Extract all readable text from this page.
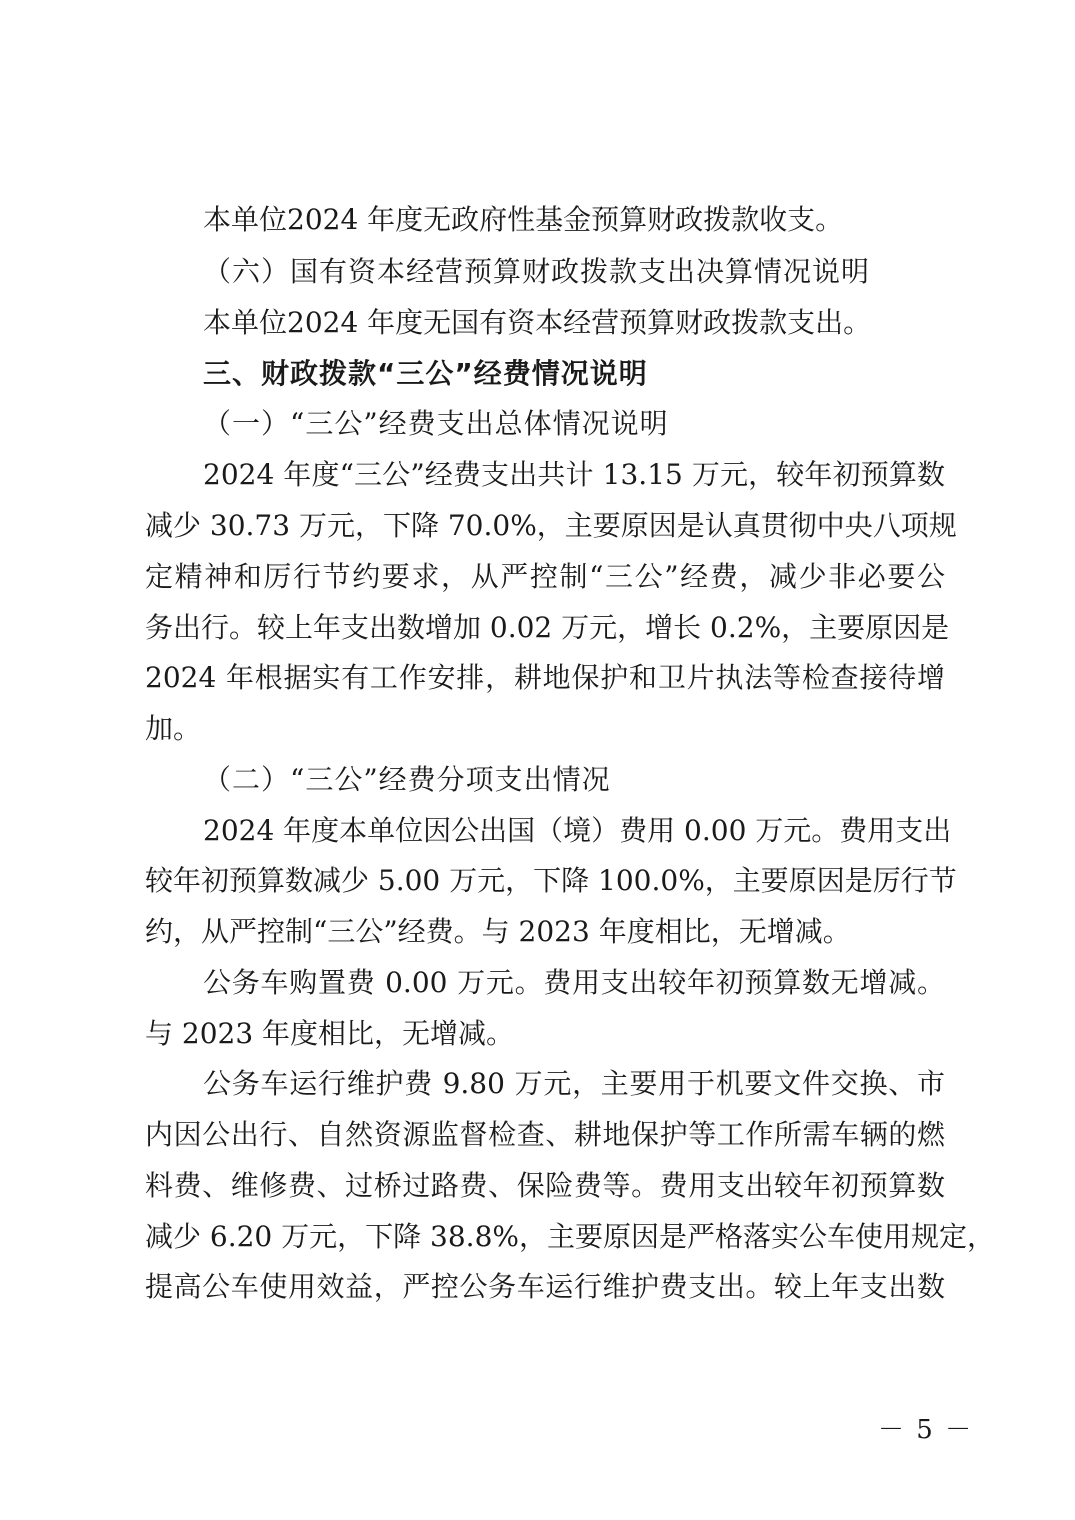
本单位2024 年度无政府性基金预算财政拨款收支。
（六）国有资本经营预算财政拨款支出决算情况说明
本单位2024 年度无国有资本经营预算财政拨款支出。
三、财政拨款“三公”经费情况说明
（一）“三公”经费支出总体情况说明
2024 年度“三公”经费支出共计 13.15 万元，较年初预算数
减少 30.73 万元，下降 70.0%，主要原因是认真贯彻中央八项规
定精神和厉行节约要求，从严控制“三公”经费，减少非必要公
务出行。较上年支出数增加 0.02 万元，增长 0.2%，主要原因是
2024 年根据实有工作安排，耕地保护和卫片执法等检查接待增
加。
（二）“三公”经费分项支出情况
2024 年度本单位因公出国（境）费用 0.00 万元。费用支出
较年初预算数减少 5.00 万元，下降 100.0%，主要原因是厉行节
约，从严控制“三公”经费。与 2023 年度相比，无增减。
公务车购置费 0.00 万元。费用支出较年初预算数无增减。
与 2023 年度相比，无增减。
公务车运行维护费 9.80 万元，主要用于机要文件交换、市
内因公出行、自然资源监督检查、耕地保护等工作所需车辆的燃
料费、维修费、过桥过路费、保险费等。费用支出较年初预算数
减少 6.20 万元，下降 38.8%，主要原因是严格落实公车使用规定，
提高公车使用效益，严控公务车运行维护费支出。较上年支出数
－ 5 －
